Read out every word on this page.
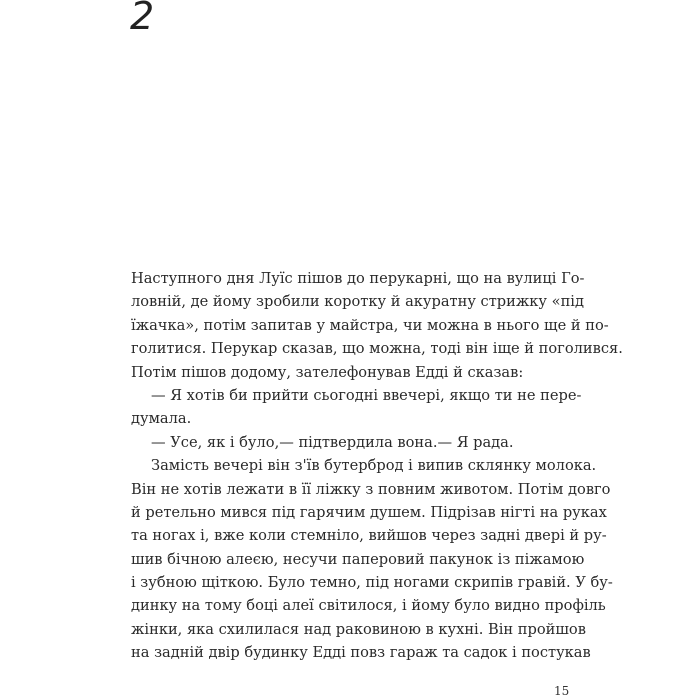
2
Наступного дня Луїс пішов до перукарні, що на вулиці Го-
ловній, де йому зробили коротку й акуратну стрижку «під
їжачка», потім запитав у майстра, чи можна в нього ще й по-
голитися. Перукар сказав, що можна, тоді він іще й поголився.
Потім пішов додому, зателефонував Едді й сказав:
— Я хотів би прийти сьогодні ввечері, якщо ти не пере-
думала.
— Усе, як і було,— підтвердила вона.— Я рада.
Замість вечері він з'їв бутерброд і випив склянку молока.
Він не хотів лежати в її ліжку з повним животом. Потім довго
й ретельно мився під гарячим душем. Підрізав нігті на руках
та ногах і, вже коли стемніло, вийшов через задні двері й ру-
шив бічною алеєю, несучи паперовий пакунок із піжамою
і зубною щіткою. Було темно, під ногами скрипів гравій. У бу-
динку на тому боці алеї світилося, і йому було видно профіль
жінки, яка схилилася над раковиною в кухні. Він пройшов
на задній двір будинку Едді повз гараж та садок і постукав
15
